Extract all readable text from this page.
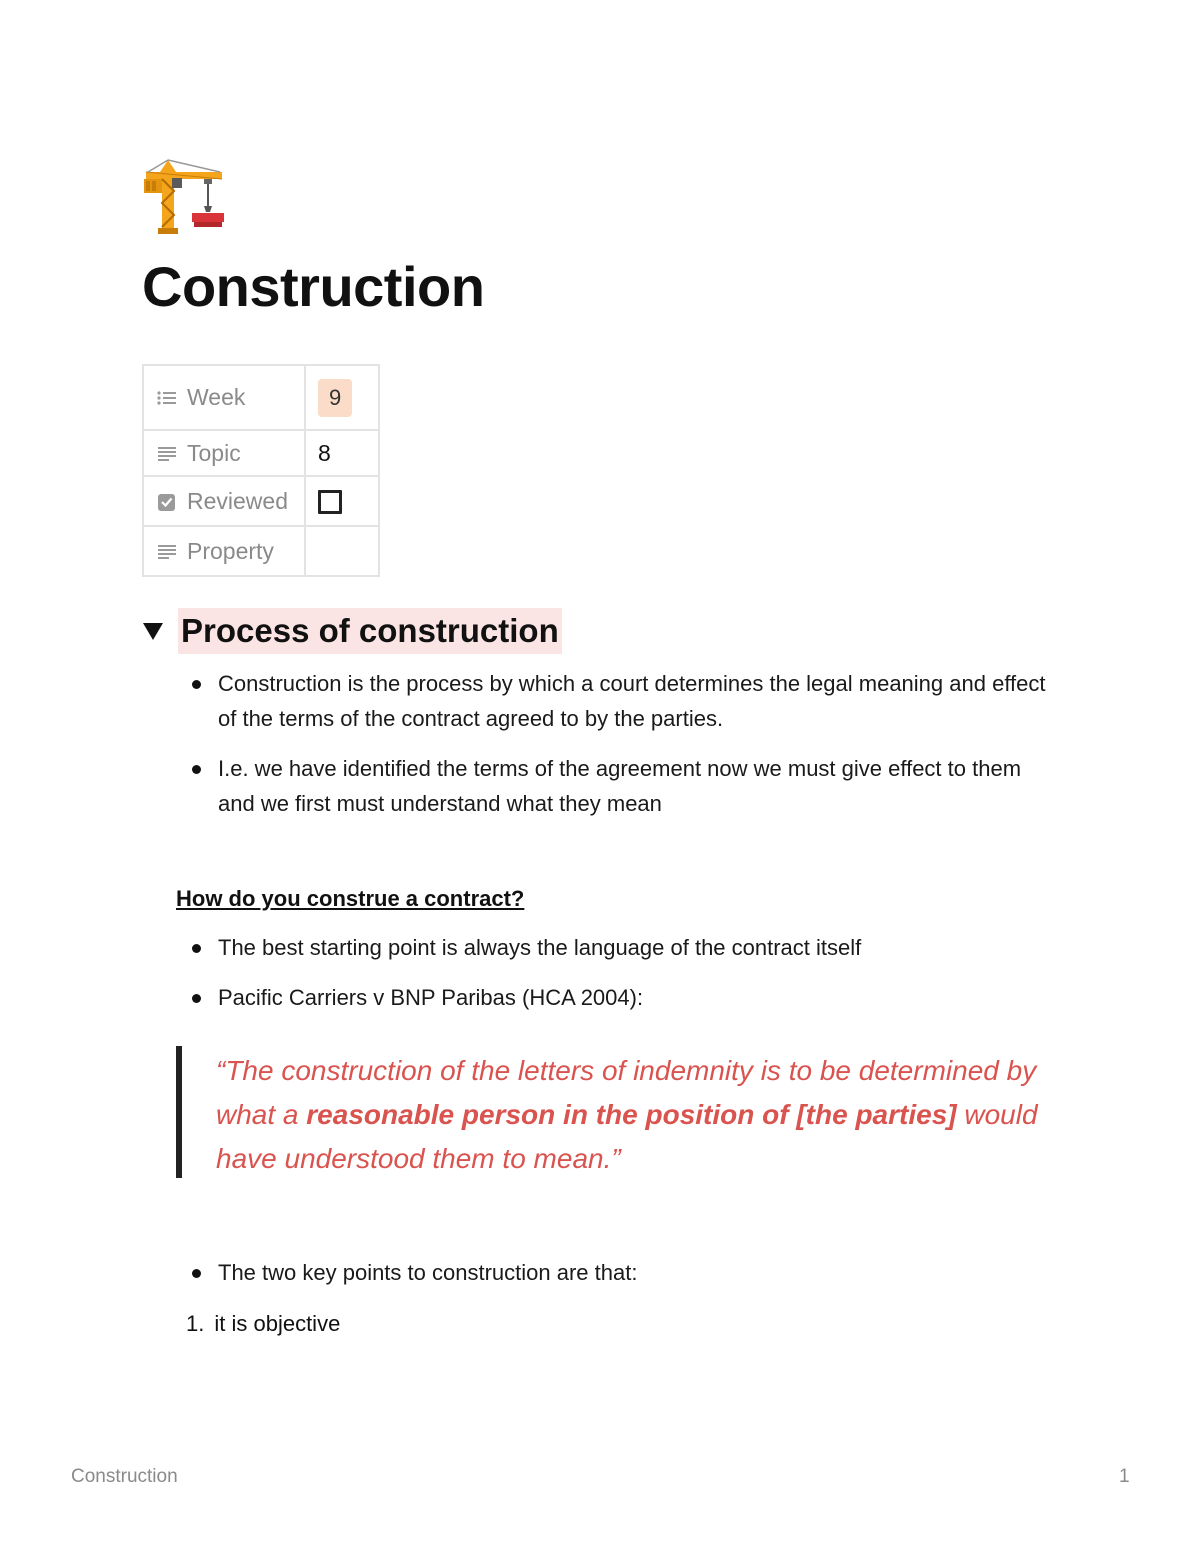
Construction
Week	9

Topic	8

Reviewed	

Property	

Process of construction
Construction is the process by which a court determines the legal meaning and effect of the terms of the contract agreed to by the parties.
I.e. we have identified the terms of the agreement now we must give effect to them and we first must understand what they mean
How do you construe a contract?
The best starting point is always the language of the contract itself
Pacific Carriers v BNP Paribas (HCA 2004):

“The construction of the letters of indemnity is to be determined by what a reasonable person in the position of [the parties] would have understood them to mean.”

The two key points to construction are that:
1. it is objective
Construction	1
